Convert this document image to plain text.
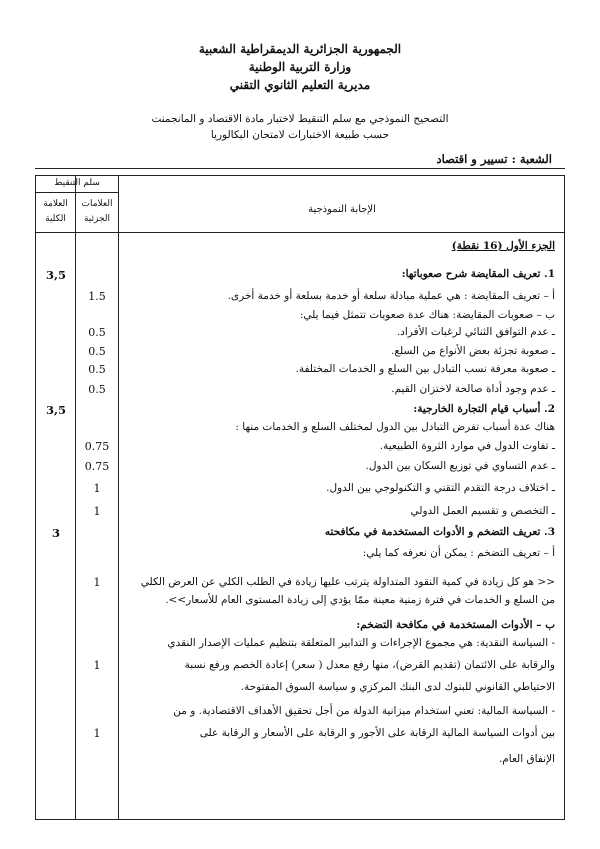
الجمهورية الجزائرية الديمقراطية الشعبية
وزارة التربية الوطنية
مديرية التعليم الثانوي التقني
التصحيح النموذجي مع سلم التنقيط لاختبار مادة الاقتصاد و المانجمنت
حسب طبيعة الاختبارات لامتحان البكالوريا
الشعبة : تسيير و اقتصاد
سلم التنقيط
العلامات
الجزئية
العلامة
الكلية
الإجابة النموذجية
الجزء الأول (16 نقطة)
1. تعريف المقايضة شرح صعوباتها:
3,5
أ – تعريف المقايضة : هي عملية مبادلة سلعة أو خدمة بسلعة أو خدمة أخرى.
1.5
ب – صعوبات المقايضة: هناك عدة صعوبات تتمثل فيما يلي:
ـ عدم التوافق الثنائي لرغبات الأفراد.
0.5
ـ صعوبة تجزئة بعض الأنواع من السلع.
0.5
ـ صعوبة معرفة نسب التبادل بين السلع و الخدمات المختلفة.
0.5
ـ عدم وجود أداة صالحة لاختزان القيم.
0.5
2. أسباب قيام التجارة الخارجية:
3,5
هناك عدة أسباب تفرض التبادل بين الدول لمختلف السلع و الخدمات منها :
ـ تفاوت الدول في موارد الثروة الطبيعية.
0.75
ـ عدم التساوي في توزيع السكان بين الدول.
0.75
ـ اختلاف درجة التقدم التقني و التكنولوجي بين الدول.
1
ـ التخصص و تقسيم العمل الدولي
1
3. تعريف التضخم و الأدوات المستخدمة في مكافحته
3
أ – تعريف التضخم : يمكن أن نعرفه كما يلي:
<< هو كل زيادة في كمية النقود المتداولة يترتب عليها زيادة في الطلب الكلي عن العرض الكلي
1
من السلع و الخدمات في فترة زمنية معينة ممّا يؤدي إلى زيادة المستوى العام للأسعار>>.
ب – الأدوات المستخدمة في مكافحة التضخم:
- السياسة النقدية: هي مجموع الإجراءات و التدابير المتعلقة بتنظيم عمليات الإصدار النقدي
والرقابة على الائتمان (تقديم القرض)، منها رفع معدل ( سعر) إعادة الخصم ورفع نسبة
1
الاحتياطي القانوني للبنوك لدى البنك المركزي و سياسة السوق المفتوحة.
- السياسة المالية: تعني استخدام ميزانية الدولة من أجل تحقيق الأهداف الاقتصادية. و من
بين أدوات السياسة المالية الرقابة على الأجور و الرقابة على الأسعار و الرقابة على
1
الإنفاق العام.
